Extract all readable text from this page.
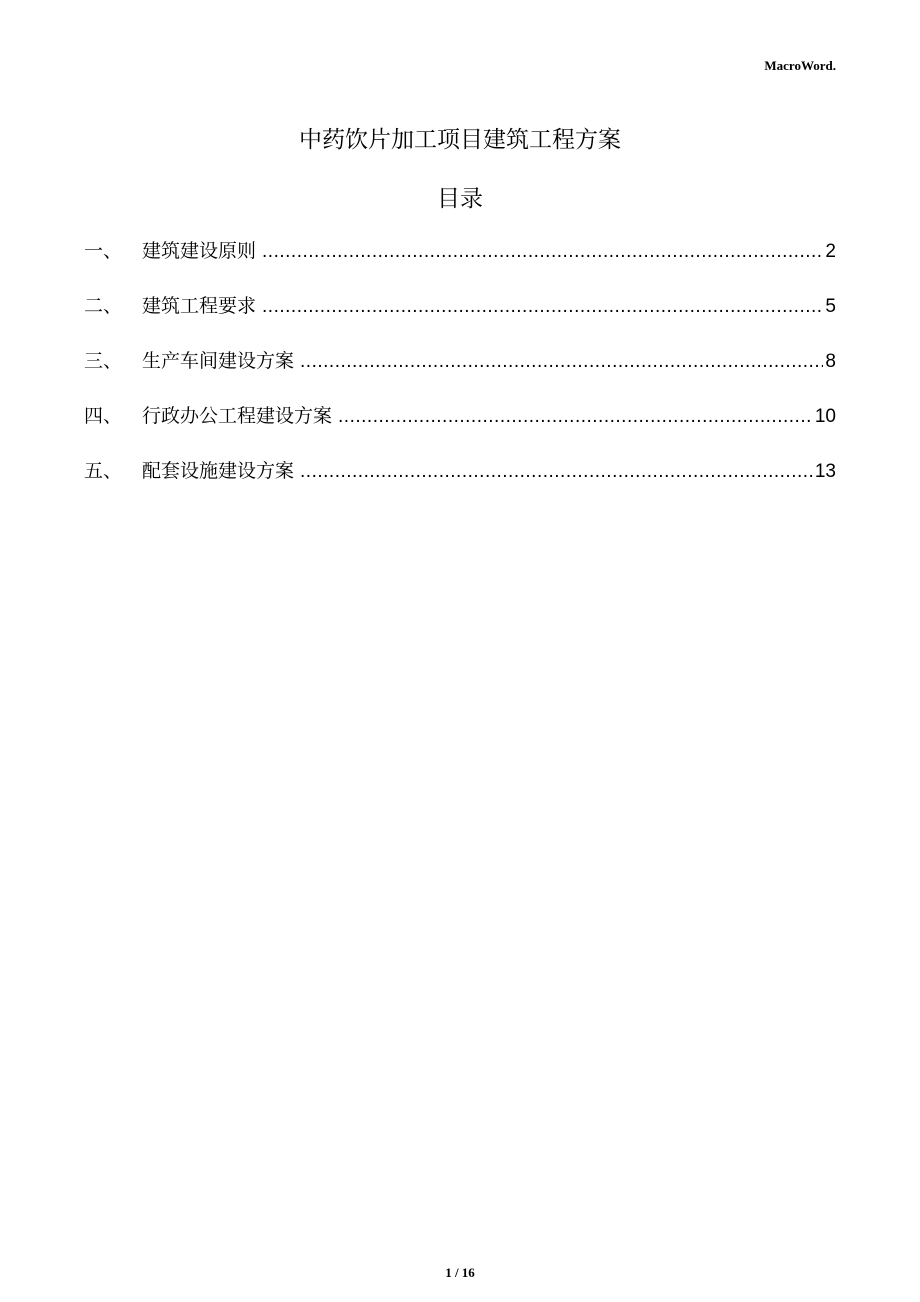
MacroWord.
中药饮片加工项目建筑工程方案
目录
一、	建筑建设原则 .....	2
二、	建筑工程要求 .....	5
三、	生产车间建设方案 .....	8
四、	行政办公工程建设方案 .....	10
五、	配套设施建设方案 .....	13
1 / 16
